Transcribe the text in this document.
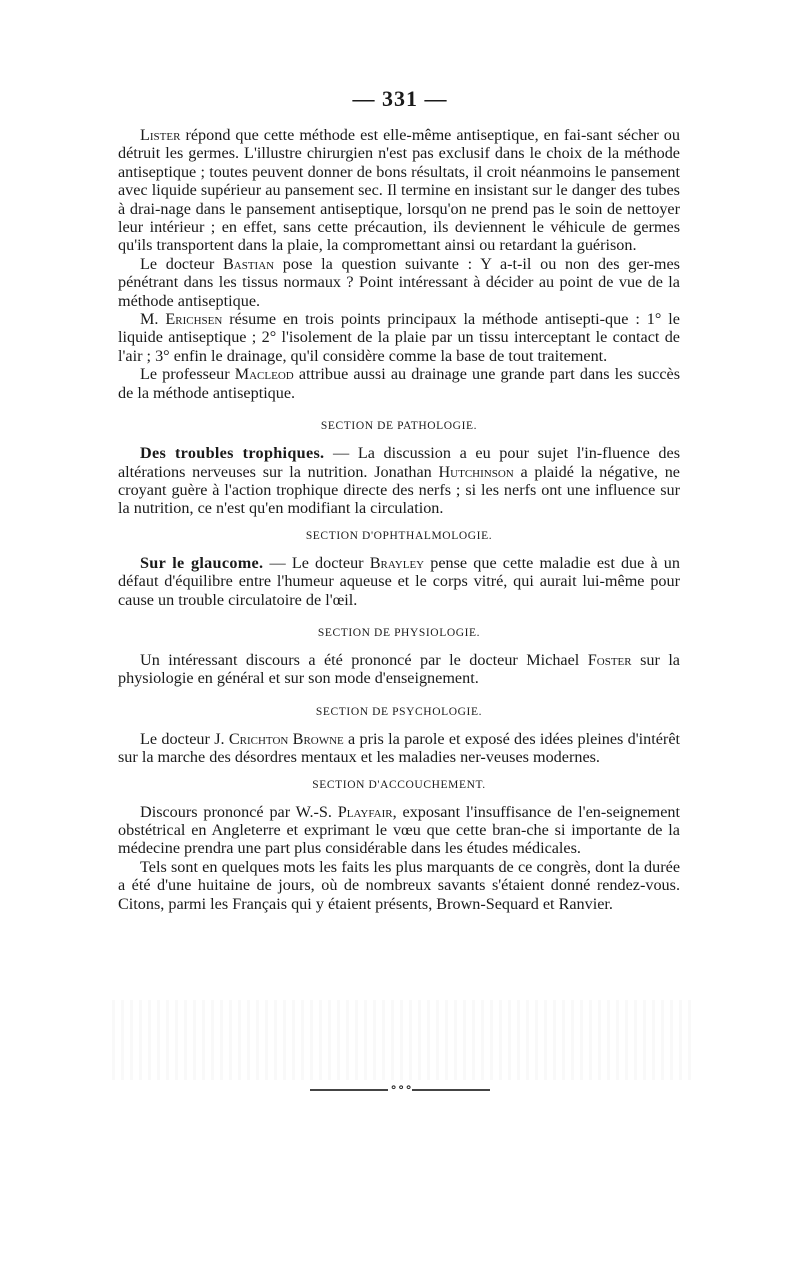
— 331 —

Lister répond que cette méthode est elle-même antiseptique, en fai-sant sécher ou détruit les germes. L'illustre chirurgien n'est pas exclusif dans le choix de la méthode antiseptique ; toutes peuvent donner de bons résultats, il croit néanmoins le pansement avec liquide supérieur au pansement sec. Il termine en insistant sur le danger des tubes à drai-nage dans le pansement antiseptique, lorsqu'on ne prend pas le soin de nettoyer leur intérieur ; en effet, sans cette précaution, ils deviennent le véhicule de germes qu'ils transportent dans la plaie, la compromettant ainsi ou retardant la guérison.

Le docteur Bastian pose la question suivante : Y a-t-il ou non des ger-mes pénétrant dans les tissus normaux ? Point intéressant à décider au point de vue de la méthode antiseptique.

M. Erichsen résume en trois points principaux la méthode antisepti-que : 1° le liquide antiseptique ; 2° l'isolement de la plaie par un tissu interceptant le contact de l'air ; 3° enfin le drainage, qu'il considère comme la base de tout traitement.

Le professeur Macleod attribue aussi au drainage une grande part dans les succès de la méthode antiseptique.

SECTION DE PATHOLOGIE.

Des troubles trophiques. — La discussion a eu pour sujet l'in-fluence des altérations nerveuses sur la nutrition. Jonathan Hutchinson a plaidé la négative, ne croyant guère à l'action trophique directe des nerfs ; si les nerfs ont une influence sur la nutrition, ce n'est qu'en modifiant la circulation.

SECTION D'OPHTHALMOLOGIE.

Sur le glaucome. — Le docteur Brayley pense que cette maladie est due à un défaut d'équilibre entre l'humeur aqueuse et le corps vitré, qui aurait lui-même pour cause un trouble circulatoire de l'œil.

SECTION DE PHYSIOLOGIE.

Un intéressant discours a été prononcé par le docteur Michael Foster sur la physiologie en général et sur son mode d'enseignement.

SECTION DE PSYCHOLOGIE.

Le docteur J. Crichton Browne a pris la parole et exposé des idées pleines d'intérêt sur la marche des désordres mentaux et les maladies ner-veuses modernes.

SECTION D'ACCOUCHEMENT.

Discours prononcé par W.-S. Playfair, exposant l'insuffisance de l'en-seignement obstétrical en Angleterre et exprimant le vœu que cette bran-che si importante de la médecine prendra une part plus considérable dans les études médicales.

Tels sont en quelques mots les faits les plus marquants de ce congrès, dont la durée a été d'une huitaine de jours, où de nombreux savants s'étaient donné rendez-vous. Citons, parmi les Français qui y étaient présents, Brown-Sequard et Ranvier.

∘∘∘
